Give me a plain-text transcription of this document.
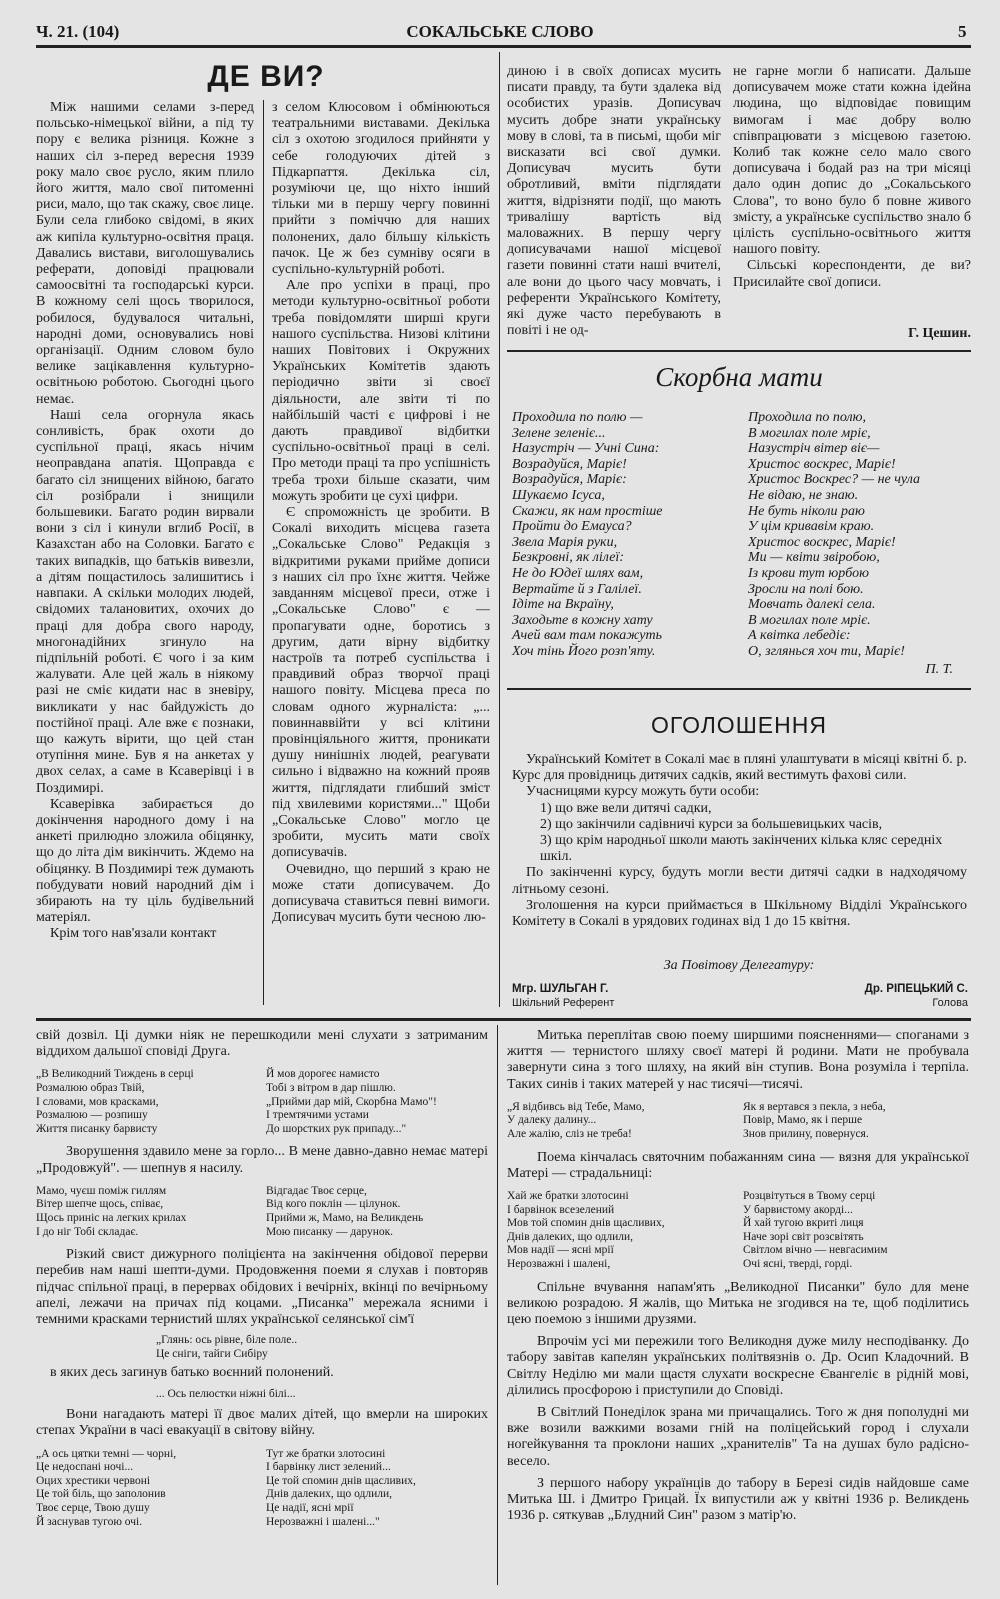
Ч. 21. (104)	СОКАЛЬСЬКЕ СЛОВО	5
ДЕ ВИ?

Між нашими селами з-перед польсько-німецької війни, а під ту пору є велика різниця. Кожне з наших сіл з-перед вересня 1939 року мало своє русло, яким плило його життя, мало свої питоменні риси, мало, що так скажу, своє лице. Були села глибоко свідомі, в яких аж кипіла культурно-освітня праця. Давались вистави, виголошувались реферати, доповіді працювали самоосвітні та господарські курси. В кожному селі щось творилося, робилося, будувалося читальні, народні доми, основувались нові організації. Одним словом було велике зацікавлення культурно-освітньою роботою. Сьогодні цього немає.

Наші села огорнула якась сонливість, брак охоти до суспільної праці, якась нічим неоправдана апатія. Щоправда є багато сіл знищених війною, багато сіл розібрали і знищили большевики. Багато родин вирвали вони з сіл і кинули вглиб Росії, в Казахстан або на Соловки. Багато є таких випадків, що батьків вивезли, а дітям пощастилось залишитись і навпаки. А скільки молодих людей, свідомих талановитих, охочих до праці для добра свого народу, многонадійних згинуло на підпільній роботі. Є чого і за ким жалувати. Але цей жаль в ніякому разі не сміє кидати нас в зневіру, викликати у нас байдужість до постійної праці. Але вже є познаки, що кажуть вірити, що цей стан отупіння мине. Був я на анкетах у двох селах, а саме в Ксаверівці і в Поздимирі.

Ксаверівка забирається до докінчення народного дому і на анкеті прилюдно зложила обіцянку, що до літа дім викінчить. Ждемо на обіцянку. В Поздимирі теж думають побудувати новий народний дім і збирають на ту ціль будівельний матеріял.

Крім того нав'язали контакт

з селом Клюсовом і обмінюються театральними виставами. Декілька сіл з охотою згодилося прийняти у себе голодуючих дітей з Підкарпаття. Декілька сіл, розуміючи це, що ніхто інший тільки ми в першу чергу повинні прийти з поміччю для наших полонених, дало більшу кількість пачок. Це ж без сумніву осяги в суспільно-культурній роботі.

Але про успіхи в праці, про методи культурно-освітньої роботи треба повідомляти ширші круги нашого суспільства. Низові клітини наших Повітових і Окружних Українських Комітетів здають періодично звіти зі своєї діяльности, але звіти ті по найбільшій часті є цифрові і не дають правдивої відбитки суспільно-освітньої праці в селі. Про методи праці та про успішність треба трохи більше сказати, чим можуть зробити це сухі цифри.

Є спроможність це зробити. В Сокалі виходить місцева газета „Сокальське Слово" Редакція з відкритими руками прийме дописи з наших сіл про їхнє життя. Чейже завданням місцевої преси, отже і „Сокальське Слово" є — пропагувати одне, боротись з другим, дати вірну відбитку настроїв та потреб суспільства і правдивий образ творчої праці нашого повіту. Місцева преса по словам одного журналіста: „... повиннаввійти у всі клітини провінціяльного життя, проникати душу нинішніх людей, реагувати сильно і відважно на кожний прояв життя, підглядати глибший зміст під хвилевими користями..." Щоби „Сокальське Слово" могло це зробити, мусить мати своїх дописувачів.

Очевидно, що перший з краю не може стати дописувачем. До дописувача ставиться певні вимоги. Дописувач мусить бути чесною лю-

диною і в своїх дописах мусить писати правду, та бути здалека від особистих уразів. Дописувач мусить добре знати українську мову в слові, та в письмі, щоби міг висказати всі свої думки. Дописувач мусить бути обротливий, вміти підглядати життя, відрізняти події, що мають тривалішу вартість від маловажних. В першу чергу дописувачами нашої місцевої газети повинні стати наші вчителі, але вони до цього часу мовчать, і референти Українського Комітету, які дуже часто перебувають в повіті і не од-

не гарне могли б написати. Дальше дописувачем може стати кожна ідейна людина, що відповідає повищим вимогам і має добру волю співпрацювати з місцевою газетою. Колиб так кожне село мало свого дописувача і бодай раз на три місяці дало один допис до „Сокальського Слова", то воно було б повне живого змісту, а українське суспільство знало б цілість суспільно-освітнього життя нашого повіту.

Сільські кореспонденти, де ви? Присилайте свої дописи.

Г. Цешин.
Скорбна мати
Проходила по полю —
Зелене зеленіє...
Назустріч — Учні Сина:
Возрадуйся, Маріє!
Возрадуйся, Маріє:
Шукаємо Ісуса,
Скажи, як нам простіше
Пройти до Емауса?
Звела Марія руки,
Безкровні, як лілеї:
Не до Юдеї шлях вам,
Вертайте й з Галілеї.
Ідіте на Вкраїну,
Заходьте в кожну хату
Ачей вам там покажуть
Хоч тінь Його розп'яту.
Проходила по полю,
В могилах поле мріє,
Назустріч вітер віє—
Христос воскрес, Маріє!
Христос Воскрес? — не чула
Не відаю, не знаю.
Не буть ніколи раю
У цім кривавім краю.
Христос воскрес, Маріє!
Ми — квіти звіробою,
Із крови тут юрбою
Зросли на полі бою.
Мовчать далекі села.
В могилах поле мріє.
А квітка лебедіє:
О, зглянься хоч ти, Маріє!
П. Т.
ОГОЛОШЕННЯ

Український Комітет в Сокалі має в пляні улаштувати в місяці квітні б. р. Курс для провідниць дитячих садків, який вестимуть фахові сили.

Учасницями курсу можуть бути особи:

1) що вже вели дитячі садки,
2) що закінчили садівничі курси за большевицьких часів,
3) що крім народньої школи мають закінчених кілька кляс середніх шкіл.

По закінченні курсу, будуть могли вести дитячі садки в надходячому літньому сезоні.

Зголошення на курси приймається в Шкільному Відділі Українського Комітету в Сокалі в урядових годинах від 1 до 15 квітня.

За Повітову Делегатуру:
Мгр. ШУЛЬГАН Г.
Шкільний Референт
Др. РІПЕЦЬКИЙ С.
Голова

свій дозвіл. Ці думки ніяк не перешкодили мені слухати з затриманим віддихом дальшої сповіді Друга.

„В Великодний Тиждень в серці
Розмалюю образ Твій,
І словами, мов красками,
Розмалюю — розпишу
Життя писанку барвисту
Й мов дорогеє намисто
Тобі з вітром в дар пішлю.
„Прийми дар мій, Скорбна Мамо"!
І тремтячими устами
До шорстких рук припаду..."

Зворушення здавило мене за горло... В мене давно-давно немає матері „Продовжуй". — шепнув я насилу.

Мамо, чуєш поміж гиллям
Вітер шепче щось, співає,
Щось приніс на легких крилах
І до ніг Тобі складає.
Відгадає Твоє серце,
Від кого поклін — цілунок.
Прийми ж, Мамо, на Великдень
Мою писанку — дарунок.

Різкий свист дижурного поліцієнта на закінчення обідової перерви перебив нам наші шепти-думи. Продовження поеми я слухав і повторяв підчас спільної праці, в перервах обідових і вечірніх, вкінці по вечірньому апелі, лежачи на причах під коцами. „Писанка" мережала ясними і темними красками тернистий шлях української селянської сім'ї

„Глянь: ось рівне, біле поле..
Це сніги, тайги Сибіру

в яких десь загинув батько воєнний полонений.

... Ось пелюстки ніжні білі...

Вони нагадають матері її двоє малих дітей, що вмерли на широких степах України в часі евакуації в світову війну.

„А ось цятки темні — чорні,
Це недоспані ночі...
Оцих хрестики червоні
Це той біль, що заполонив
Твоє серце, Твою душу
Й заснував тугою очі.
Тут же братки злотосині
І барвінку лист зелений...
Це той спомин днів щасливих,
Днів далеких, що одлили,
Це надії, ясні мрії
Нерозважні і шалені..."

Митька переплітав свою поему ширшими поясненнями— споганами з життя — тернистого шляху своєї матері й родини. Мати не пробувала завернути сина з того шляху, на який він ступив. Вона розуміла і терпіла. Таких синів і таких матерей у нас тисячі—тисячі.

„Я відбивсь від Тебе, Мамо,
У далеку далину...
Але жалію, сліз не треба!
Як я вертався з пекла, з неба,
Повір, Мамо, як і перше
Знов прилину, повернуся.

Поема кінчалась святочним побажанням сина — вязня для української Матері — страдальниці:

Хай же братки злотосині
І барвінок всезелений
Мов той спомин днів щасливих,
Днів далеких, що одлили,
Мов надії — ясні мрії
Нерозважні і шалені,
Розцвітуться в Твому серці
У барвистому акорді...
Й хай тугою вкриті лиця
Наче зорі світ розсвітять
Світлом вічно — невгасимим
Очі ясні, тверді, горді.

Спільне вчування напам'ять „Великодної Писанки" було для мене великою розрадою. Я жалів, що Митька не згодився на те, щоб поділитись цею поемою з іншими друзями.

Впрочім усі ми пережили того Великодня дуже милу несподіванку. До табору завітав капелян українських політвязнів о. Др. Осип Кладочний. В Світлу Неділю ми мали щастя слухати воскресне Євангеліє в рідній мові, ділились просфорою і приступили до Сповіді.

В Світлий Понеділок зрана ми причащались. Того ж дня пополудні ми вже возили важкими возами гній на поліцейський город і слухали ногейкування та проклони наших „хранителів" Та на душах було радісно-весело.

З першого набору українців до табору в Березі сидів найдовше саме Митька Ш. і Дмитро Грицай. Їх випустили аж у квітні 1936 р. Великдень 1936 р. сяткував „Блудний Син" разом з матір'ю.
